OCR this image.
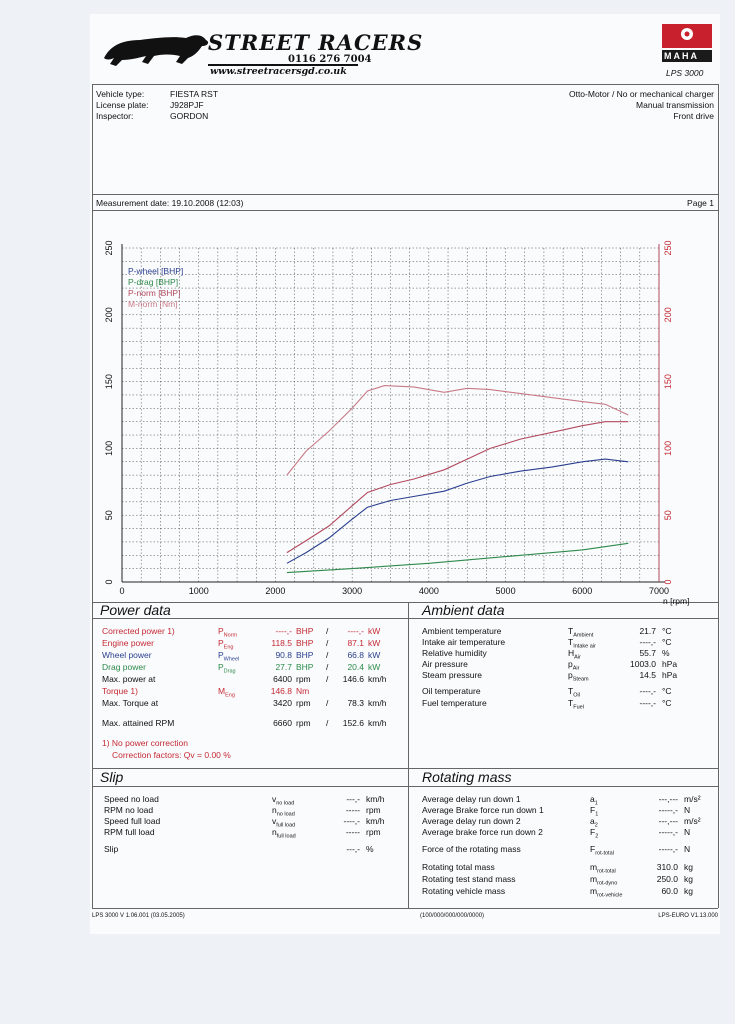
STREET RACERS
0116 276 7004
www.streetracersgd.co.uk
MAHA
LPS 3000
Vehicle type:	FIESTA RST
License plate:	J928PJF
Inspector:	GORDON
Otto-Motor / No or mechanical charger
Manual transmission
Front drive
Measurement date: 19.10.2008 (12:03)	Page 1
0	1000	2000	3000	4000	5000	6000	7000
n [rpm]
0
50
100
150
200
250
0
50
100
150
200
250
P-wheel [BHP]
P-drag [BHP]
P-norm [BHP]
M-norm [Nm]
Power data
Corrected power 1)	$P_{Norm}$	----,- BHP / ----,- kW
Engine power	$P_{Eng}$	118.5 BHP / 87.1 kW
Wheel power	$P_{Wheel}$	90.8 BHP / 66.8 kW
Drag power	$P_{Drag}$	27.7 BHP / 20.4 kW
Max. power at	6400 rpm / 146.6 km/h
Torque 1)	$M_{Eng}$	146.8 Nm
Max. Torque at	3420 rpm / 78.3 km/h
Max. attained RPM	6660 rpm / 152.6 km/h
1) No power correction
Correction factors: Qv = 0.00 %
Ambient data
Ambient temperature	$T_{Ambient}$	21.7 °C
Intake air temperature	$T_{Intake air}$	----,- °C
Relative humidity	$H_{Air}$	55.7 %
Air pressure	$p_{Air}$	1003.0 hPa
Steam pressure	$p_{Steam}$	14.5 hPa
Oil temperature	$T_{Oil}$	----,- °C
Fuel temperature	$T_{Fuel}$	----,- °C
Slip
Speed no load	$v_{no load}$	---,- km/h
RPM no load	$n_{no load}$	----- rpm
Speed full load	$v_{full load}$	----,- km/h
RPM full load	$n_{full load}$	----- rpm
Slip	---,- %
Rotating mass
Average delay run down 1	$a_1$	---,--- m/s²
Average Brake force run down 1	$F_1$	-----,- N
Average delay run down 2	$a_2$	---,--- m/s²
Average brake force run down 2	$F_2$	-----,- N
Force of the rotating mass	$F_{rot-total}$	-----,- N
Rotating total mass	$m_{rot-total}$	310.0 kg
Rotating test stand mass	$m_{rot-dyno}$	250.0 kg
Rotating vehicle mass	$m_{rot-vehicle}$	60.0 kg
LPS 3000 V 1.06.001 (03.05.2005)	(100/000/000/000/0000)	LPS-EURO V1.13.000
